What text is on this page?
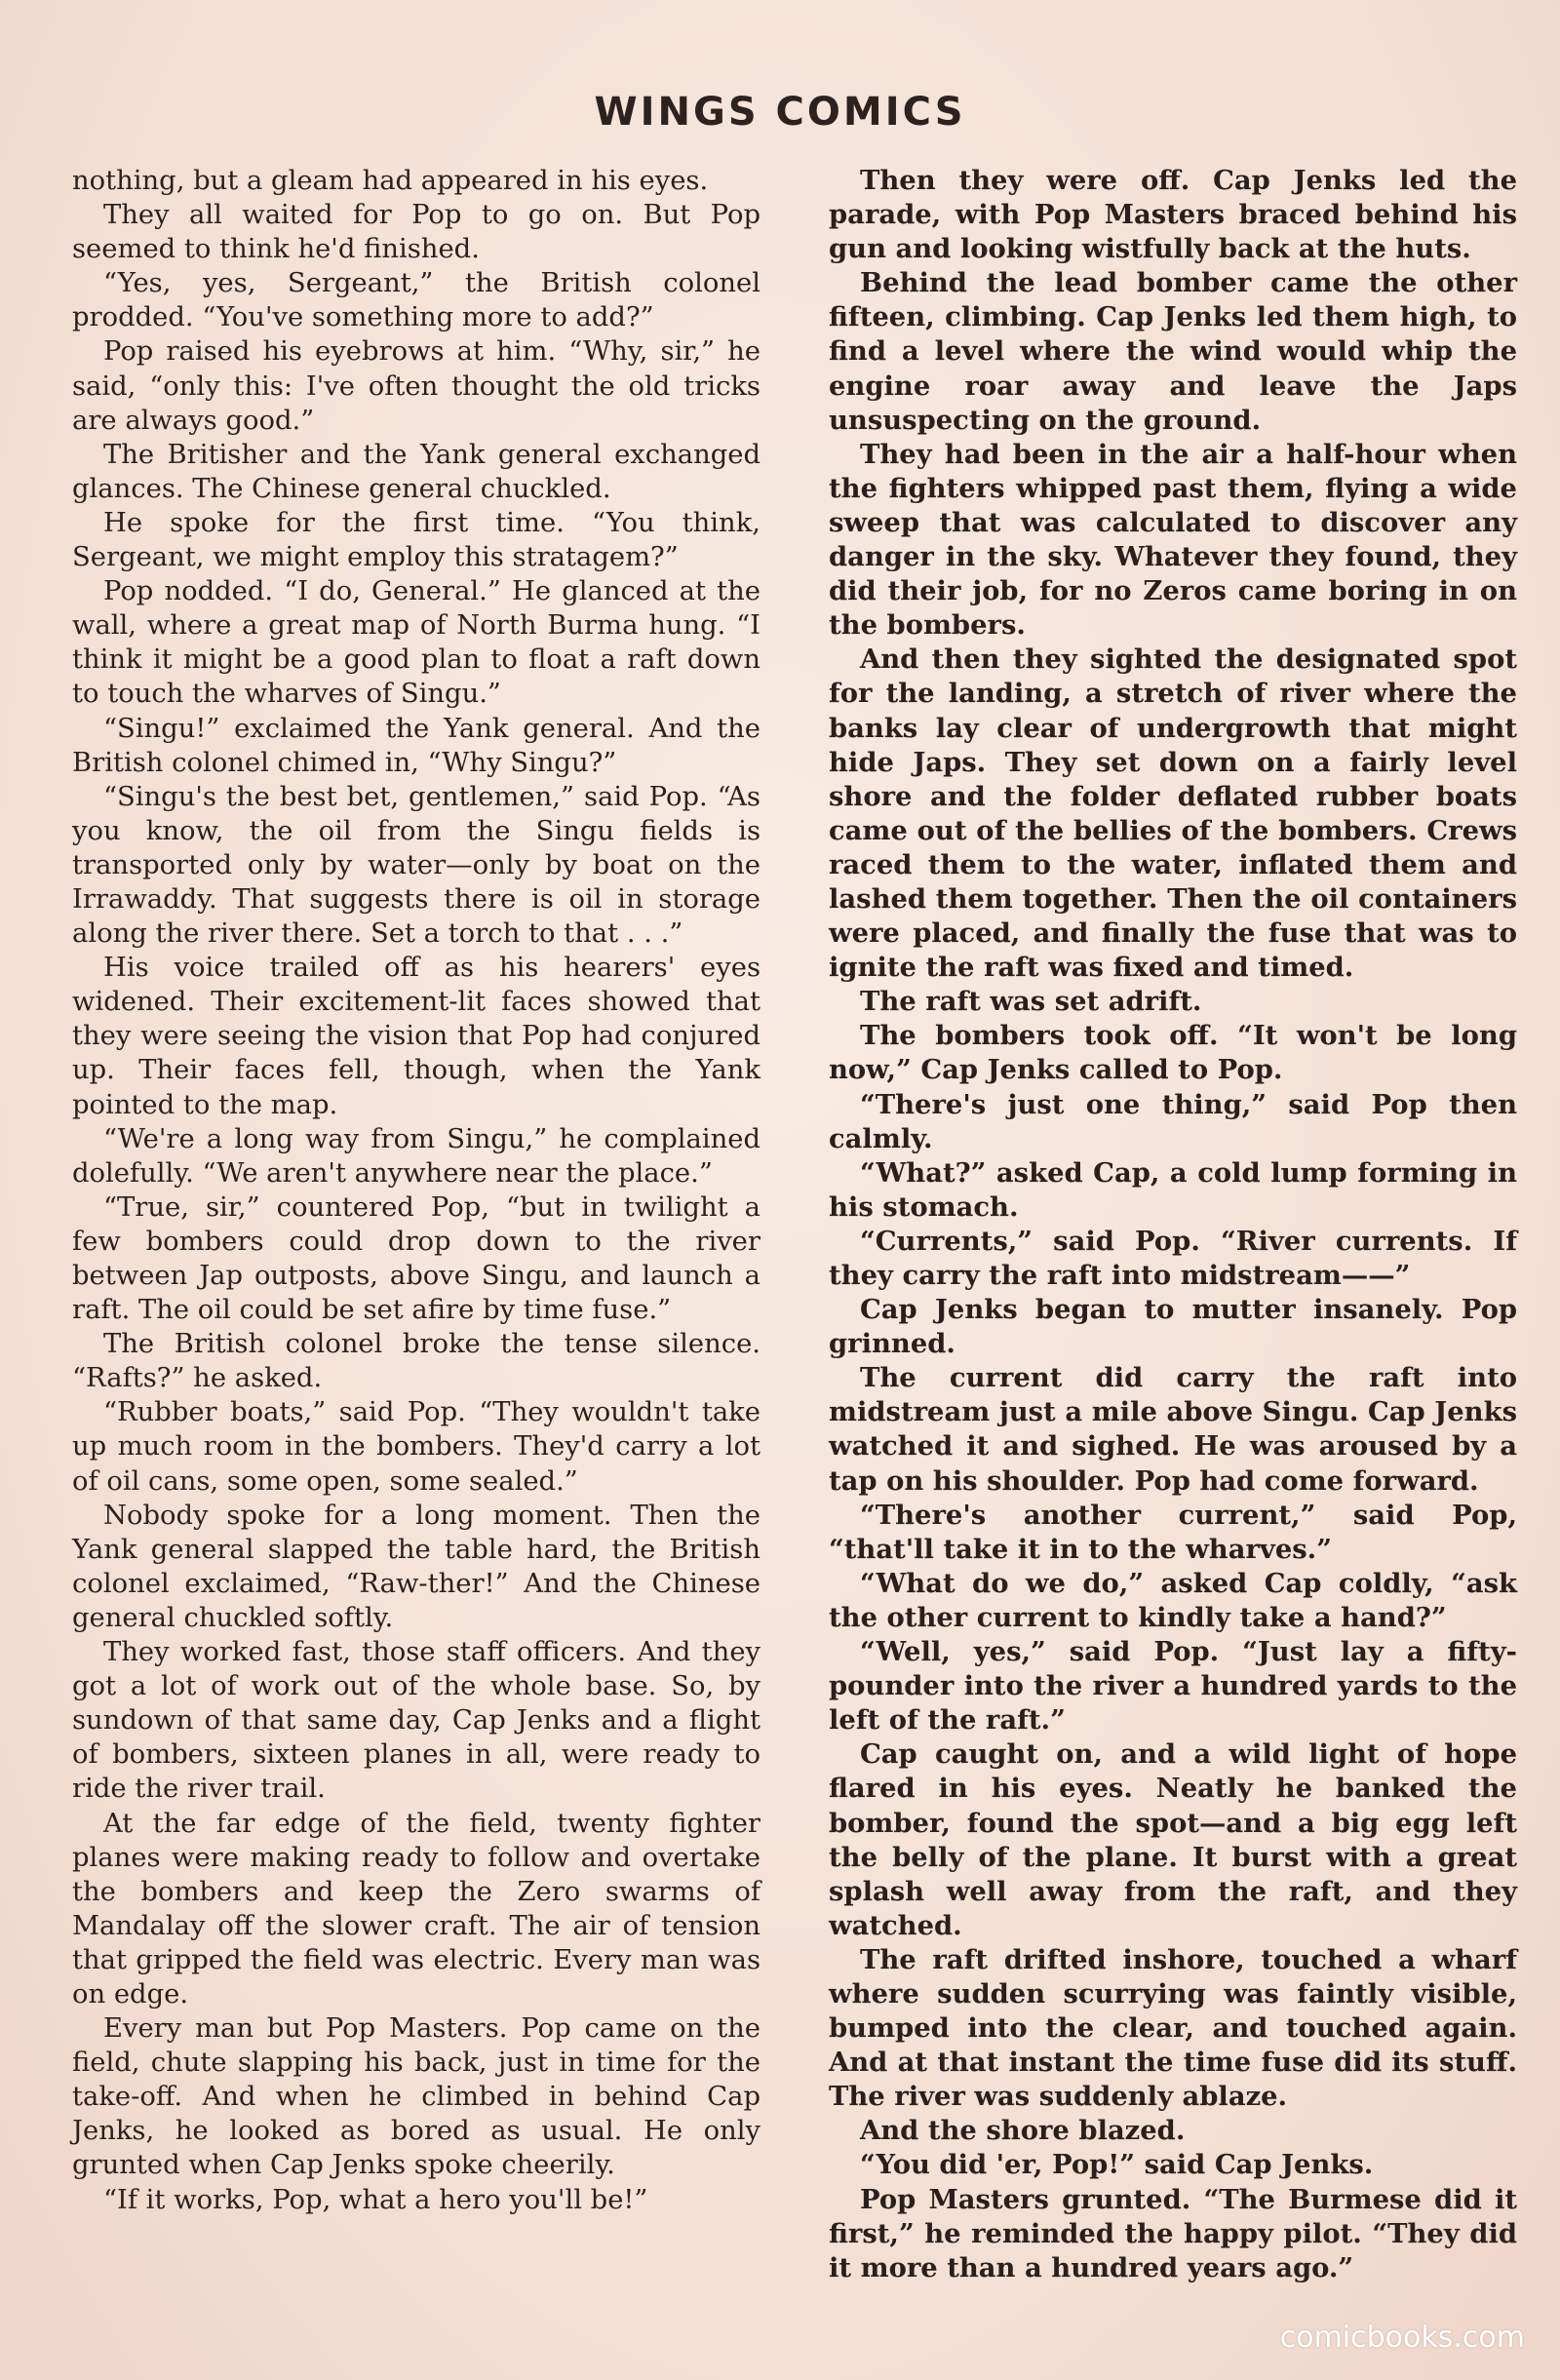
WINGS COMICS

nothing, but a gleam had appeared in his eyes.

They all waited for Pop to go on. But Pop seemed to think he'd finished.

“Yes, yes, Sergeant,” the British colonel prodded. “You've something more to add?”

Pop raised his eyebrows at him. “Why, sir,” he said, “only this: I've often thought the old tricks are always good.”

The Britisher and the Yank general exchanged glances. The Chinese general chuckled.

He spoke for the first time. “You think, Sergeant, we might employ this stratagem?”

Pop nodded. “I do, General.” He glanced at the wall, where a great map of North Burma hung. “I think it might be a good plan to float a raft down to touch the wharves of Singu.”

“Singu!” exclaimed the Yank general. And the British colonel chimed in, “Why Singu?”

“Singu's the best bet, gentlemen,” said Pop. “As you know, the oil from the Singu fields is transported only by water—only by boat on the Irrawaddy. That suggests there is oil in storage along the river there. Set a torch to that . . .”

His voice trailed off as his hearers' eyes widened. Their excitement-lit faces showed that they were seeing the vision that Pop had conjured up. Their faces fell, though, when the Yank pointed to the map.

“We're a long way from Singu,” he complained dolefully. “We aren't anywhere near the place.”

“True, sir,” countered Pop, “but in twilight a few bombers could drop down to the river between Jap outposts, above Singu, and launch a raft. The oil could be set afire by time fuse.”

The British colonel broke the tense silence. “Rafts?” he asked.

“Rubber boats,” said Pop. “They wouldn't take up much room in the bombers. They'd carry a lot of oil cans, some open, some sealed.”

Nobody spoke for a long moment. Then the Yank general slapped the table hard, the British colonel exclaimed, “Raw-ther!” And the Chinese general chuckled softly.

They worked fast, those staff officers. And they got a lot of work out of the whole base. So, by sundown of that same day, Cap Jenks and a flight of bombers, sixteen planes in all, were ready to ride the river trail.

At the far edge of the field, twenty fighter planes were making ready to follow and overtake the bombers and keep the Zero swarms of Mandalay off the slower craft. The air of tension that gripped the field was electric. Every man was on edge.

Every man but Pop Masters. Pop came on the field, chute slapping his back, just in time for the take-off. And when he climbed in behind Cap Jenks, he looked as bored as usual. He only grunted when Cap Jenks spoke cheerily.

“If it works, Pop, what a hero you'll be!”

Then they were off. Cap Jenks led the parade, with Pop Masters braced behind his gun and looking wistfully back at the huts.

Behind the lead bomber came the other fifteen, climbing. Cap Jenks led them high, to find a level where the wind would whip the engine roar away and leave the Japs unsuspecting on the ground.

They had been in the air a half-hour when the fighters whipped past them, flying a wide sweep that was calculated to discover any danger in the sky. Whatever they found, they did their job, for no Zeros came boring in on the bombers.

And then they sighted the designated spot for the landing, a stretch of river where the banks lay clear of undergrowth that might hide Japs. They set down on a fairly level shore and the folder deflated rubber boats came out of the bellies of the bombers. Crews raced them to the water, inflated them and lashed them together. Then the oil containers were placed, and finally the fuse that was to ignite the raft was fixed and timed.

The raft was set adrift.

The bombers took off. “It won't be long now,” Cap Jenks called to Pop.

“There's just one thing,” said Pop then calmly.

“What?” asked Cap, a cold lump forming in his stomach.

“Currents,” said Pop. “River currents. If they carry the raft into midstream——”

Cap Jenks began to mutter insanely. Pop grinned.

The current did carry the raft into midstream just a mile above Singu. Cap Jenks watched it and sighed. He was aroused by a tap on his shoulder. Pop had come forward.

“There's another current,” said Pop, “that'll take it in to the wharves.”

“What do we do,” asked Cap coldly, “ask the other current to kindly take a hand?”

“Well, yes,” said Pop. “Just lay a fifty-pounder into the river a hundred yards to the left of the raft.”

Cap caught on, and a wild light of hope flared in his eyes. Neatly he banked the bomber, found the spot—and a big egg left the belly of the plane. It burst with a great splash well away from the raft, and they watched.

The raft drifted inshore, touched a wharf where sudden scurrying was faintly visible, bumped into the clear, and touched again. And at that instant the time fuse did its stuff. The river was suddenly ablaze.

And the shore blazed.

“You did 'er, Pop!” said Cap Jenks.

Pop Masters grunted. “The Burmese did it first,” he reminded the happy pilot. “They did it more than a hundred years ago.”

comicbooks.com
